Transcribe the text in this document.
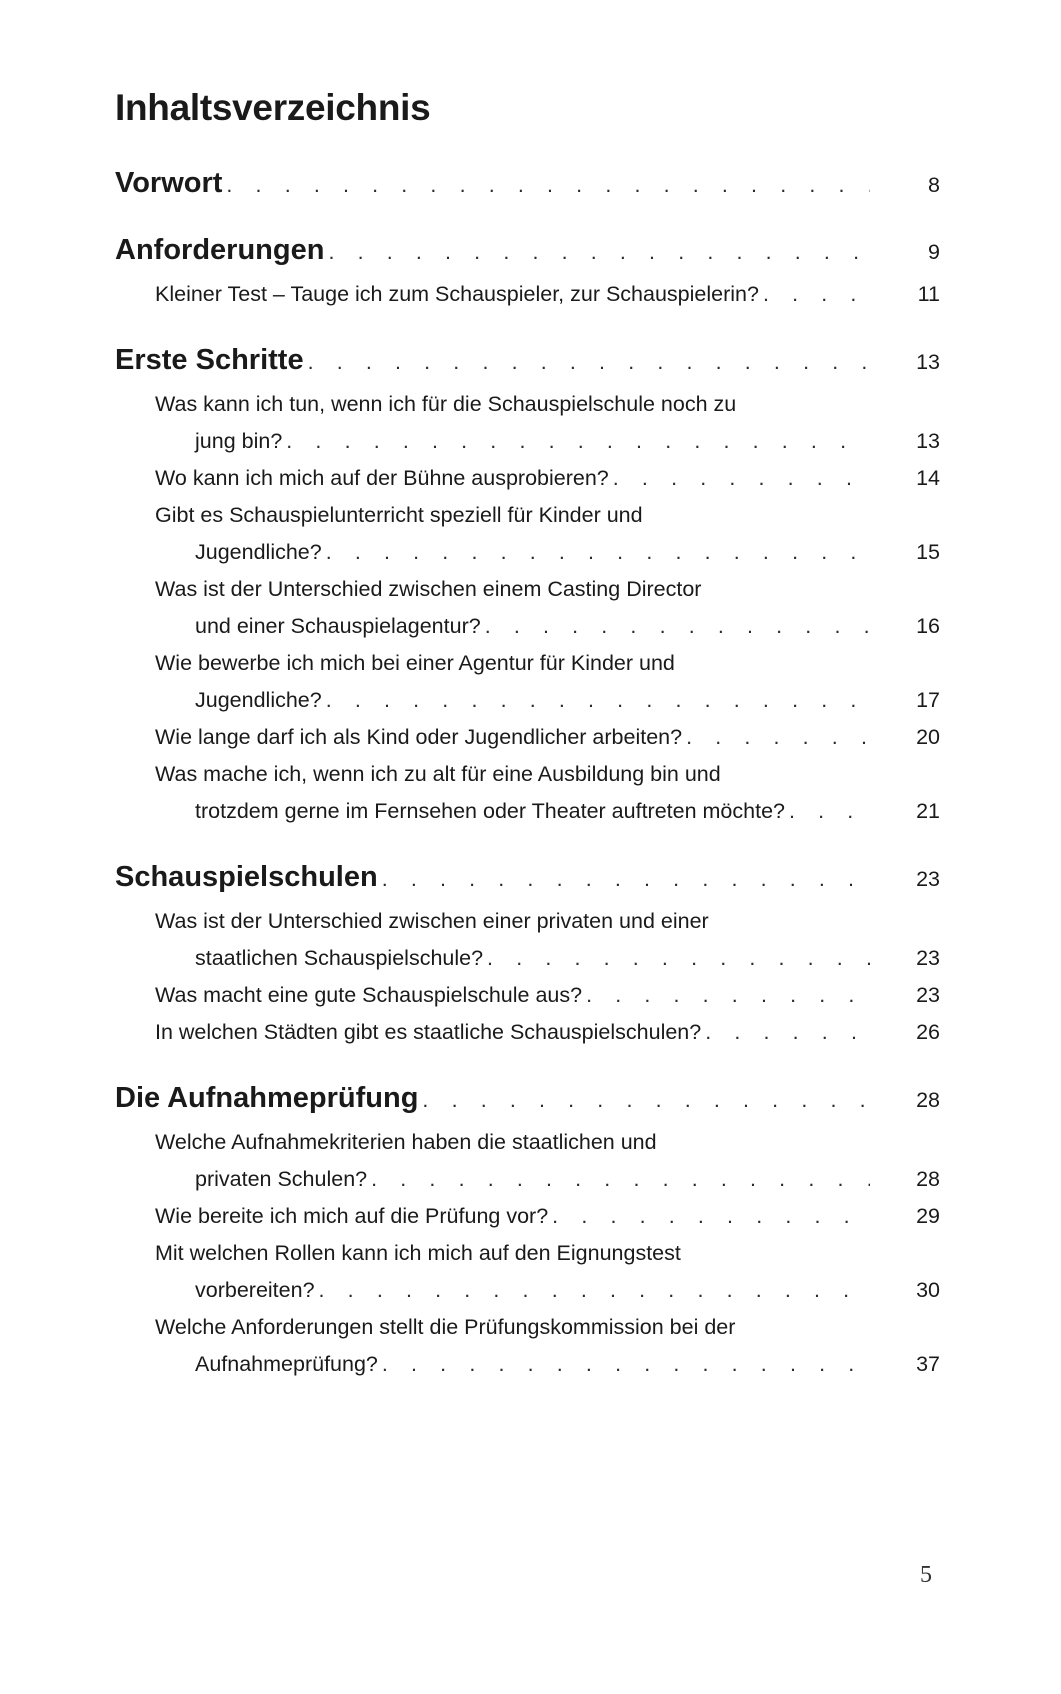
Inhaltsverzeichnis
Vorwort . . .	8
Anforderungen . . .	9
Kleiner Test – Tauge ich zum Schauspieler, zur Schauspielerin? . . .	11
Erste Schritte . . .	13
Was kann ich tun, wenn ich für die Schauspielschule noch zu
jung bin? . . .	13
Wo kann ich mich auf der Bühne ausprobieren? . . .	14
Gibt es Schauspielunterricht speziell für Kinder und
Jugendliche? . . .	15
Was ist der Unterschied zwischen einem Casting Director
und einer Schauspielagentur? . . .	16
Wie bewerbe ich mich bei einer Agentur für Kinder und
Jugendliche? . . .	17
Wie lange darf ich als Kind oder Jugendlicher arbeiten? . . .	20
Was mache ich, wenn ich zu alt für eine Ausbildung bin und
trotzdem gerne im Fernsehen oder Theater auftreten möchte? . . .	21
Schauspielschulen . . .	23
Was ist der Unterschied zwischen einer privaten und einer
staatlichen Schauspielschule? . . .	23
Was macht eine gute Schauspielschule aus? . . .	23
In welchen Städten gibt es staatliche Schauspielschulen? . . .	26
Die Aufnahmeprüfung . . .	28
Welche Aufnahmekriterien haben die staatlichen und
privaten Schulen? . . .	28
Wie bereite ich mich auf die Prüfung vor? . . .	29
Mit welchen Rollen kann ich mich auf den Eignungstest
vorbereiten? . . .	30
Welche Anforderungen stellt die Prüfungskommission bei der
Aufnahmeprüfung? . . .	37
5
